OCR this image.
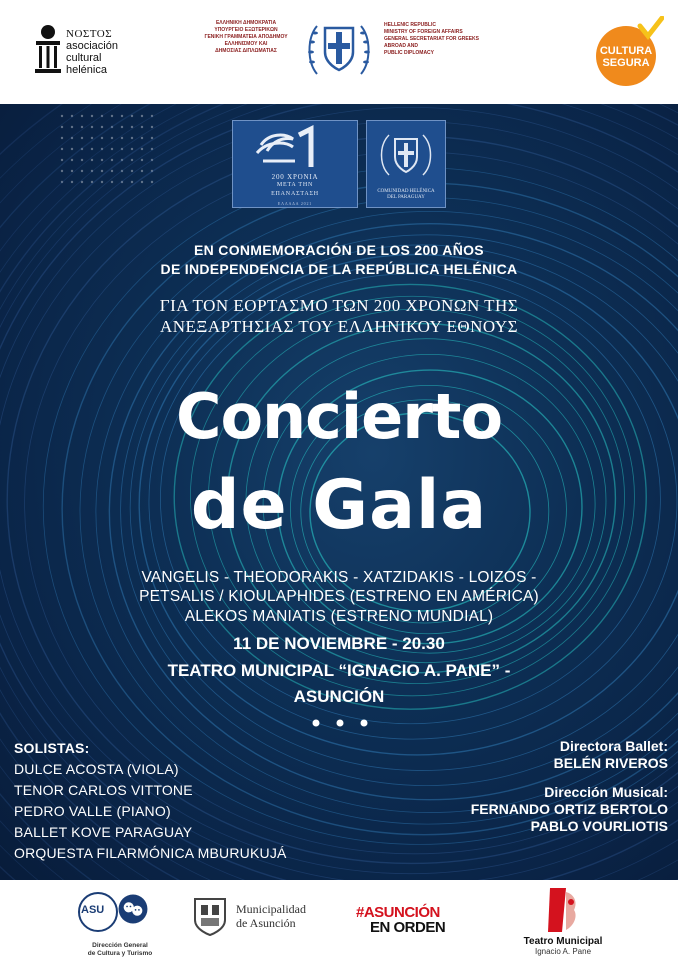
ΝΟΣΤΟΣ
asociación
cultural
helénica
ΕΛΛΗΝΙΚΗ ΔΗΜΟΚΡΑΤΙΑ
ΥΠΟΥΡΓΕΙΟ ΕΞΩΤΕΡΙΚΩΝ
ΓΕΝΙΚΗ ΓΡΑΜΜΑΤΕΙΑ ΑΠΟΔΗΜΟΥ
ΕΛΛΗΝΙΣΜΟΥ ΚΑΙ
ΔΗΜΟΣΙΑΣ ΔΙΠΛΩΜΑΤΙΑΣ
HELLENIC REPUBLIC
MINISTRY OF FOREIGN AFFAIRS
GENERAL SECRETARIAT FOR GREEKS
ABROAD AND
PUBLIC DIPLOMACY	CULTURA
SEGURA
200 ΧΡΟΝΙΑ
ΜΕΤΑ ΤΗΝ
ΕΠΑΝΑΣΤΑΣΗ
ΕΛΛΑΔΑ 2021
COMUNIDAD HELÉNICA
DEL PARAGUAY
EN CONMEMORACIÓN DE LOS 200 AÑOS
DE INDEPENDENCIA DE LA REPÚBLICA HELÉNICA
ΓΙΑ ΤΟΝ ΕΟΡΤΑΣΜΟ ΤΩΝ 200 ΧΡΟΝΩΝ ΤΗΣ
ΑΝΕΞΑΡΤΗΣΙΑΣ ΤΟΥ ΕΛΛΗΝΙΚΟΥ ΕΘΝΟΥΣ
Concierto
de Gala
VANGELIS - THEODORAKIS - XATZIDAKIS - LOIZOS -
PETSALIS / KIOULAPHIDES (ESTRENO EN AMÉRICA)
ALEKOS MANIATIS (ESTRENO MUNDIAL)
11 DE NOVIEMBRE - 20.30
TEATRO MUNICIPAL “IGNACIO A. PANE” -
ASUNCIÓN
SOLISTAS:
DULCE ACOSTA (VIOLA)
TENOR CARLOS VITTONE
PEDRO VALLE (PIANO)
BALLET KOVE PARAGUAY
ORQUESTA FILARMÓNICA MBURUKUJÁ
Directora Ballet:
BELÉN RIVEROS
Dirección Musical:
FERNANDO ORTIZ BERTOLO
PABLO VOURLIOTIS
ASU
Dirección General
de Cultura y Turismo
Municipalidad
de Asunción
#ASUNCIÓN
EN ORDEN
Teatro Municipal
Ignacio A. Pane
